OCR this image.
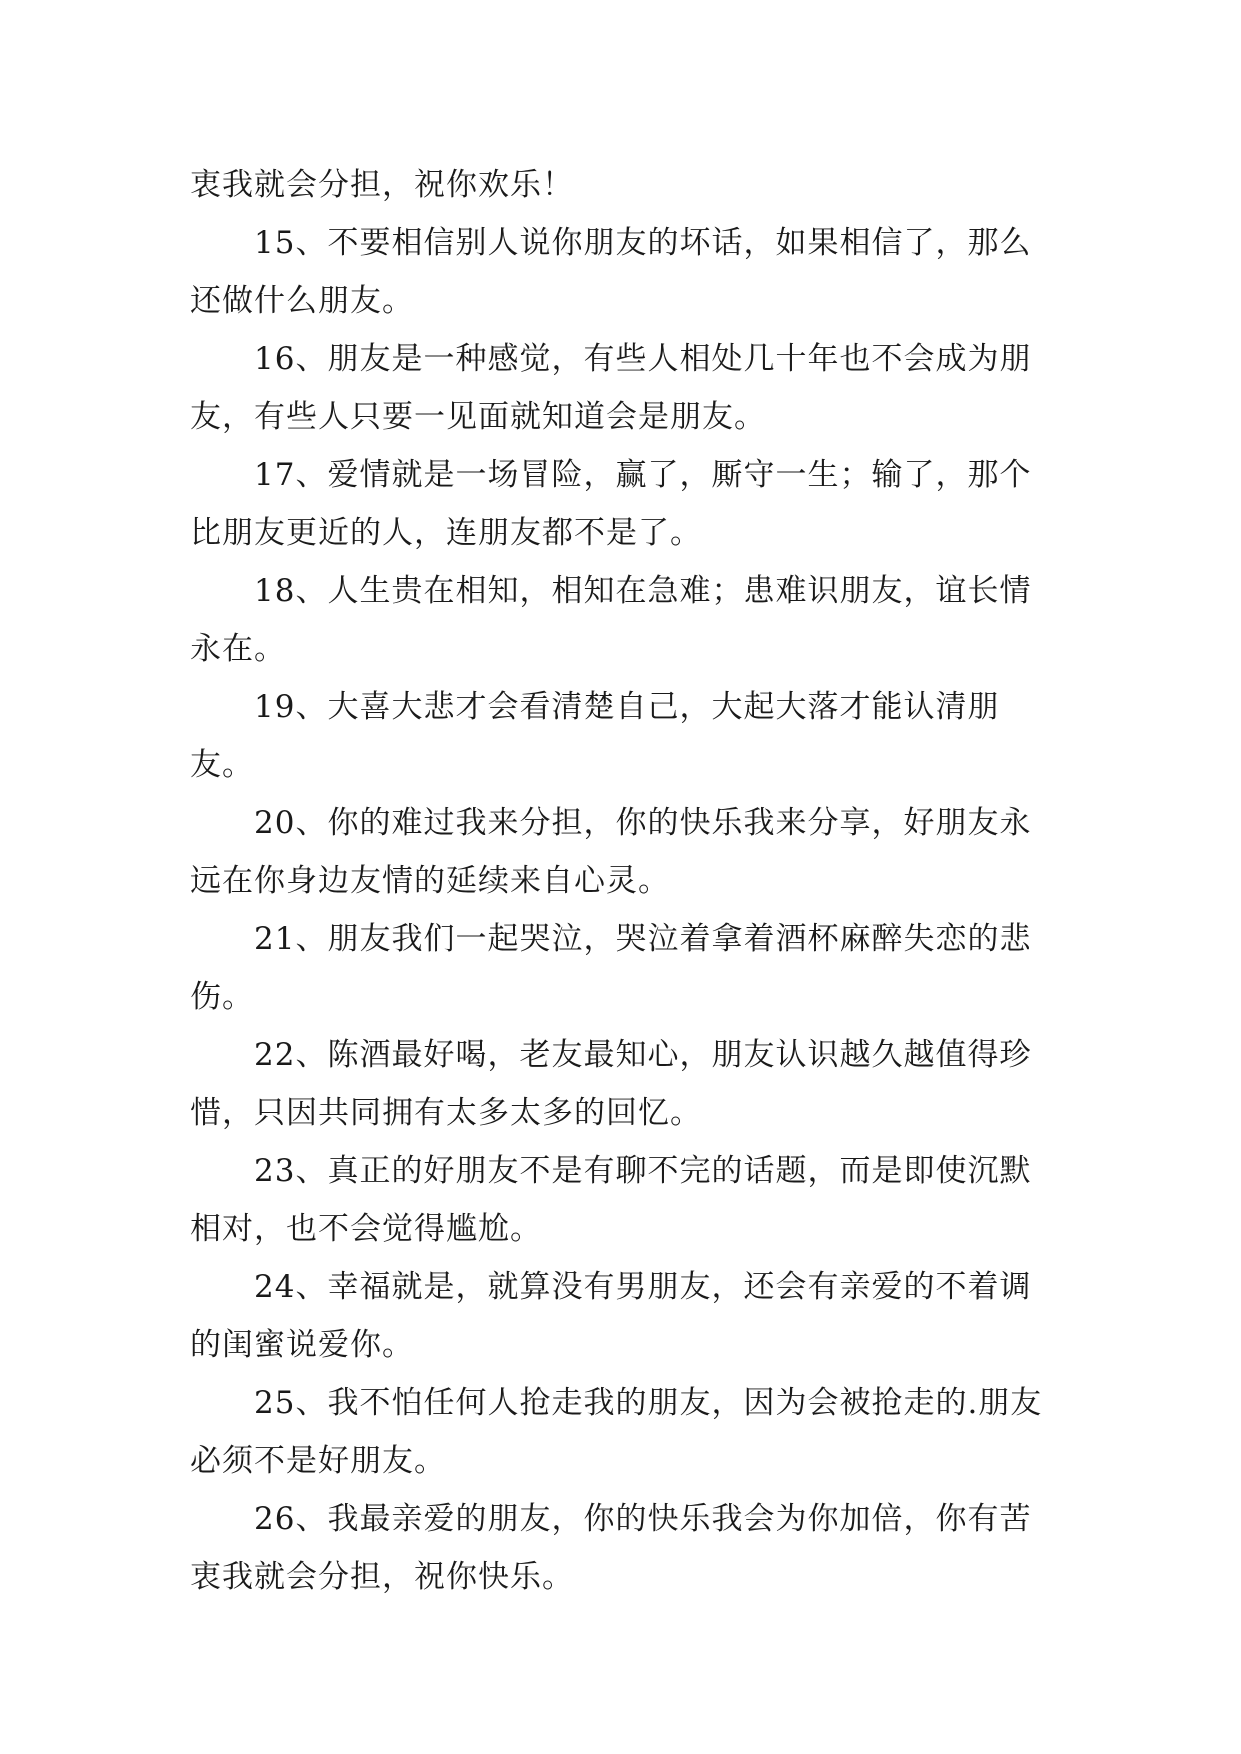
衷我就会分担，祝你欢乐！

15、不要相信别人说你朋友的坏话，如果相信了，那么还做什么朋友。

16、朋友是一种感觉，有些人相处几十年也不会成为朋友，有些人只要一见面就知道会是朋友。

17、爱情就是一场冒险，赢了，厮守一生；输了，那个比朋友更近的人，连朋友都不是了。

18、人生贵在相知，相知在急难；患难识朋友，谊长情永在。

19、大喜大悲才会看清楚自己，大起大落才能认清朋友。

20、你的难过我来分担，你的快乐我来分享，好朋友永远在你身边友情的延续来自心灵。

21、朋友我们一起哭泣，哭泣着拿着酒杯麻醉失恋的悲伤。

22、陈酒最好喝，老友最知心，朋友认识越久越值得珍惜，只因共同拥有太多太多的回忆。

23、真正的好朋友不是有聊不完的话题，而是即使沉默相对，也不会觉得尴尬。

24、幸福就是，就算没有男朋友，还会有亲爱的不着调的闺蜜说爱你。

25、我不怕任何人抢走我的朋友，因为会被抢走的.朋友必须不是好朋友。

26、我最亲爱的朋友，你的快乐我会为你加倍，你有苦衷我就会分担，祝你快乐。
